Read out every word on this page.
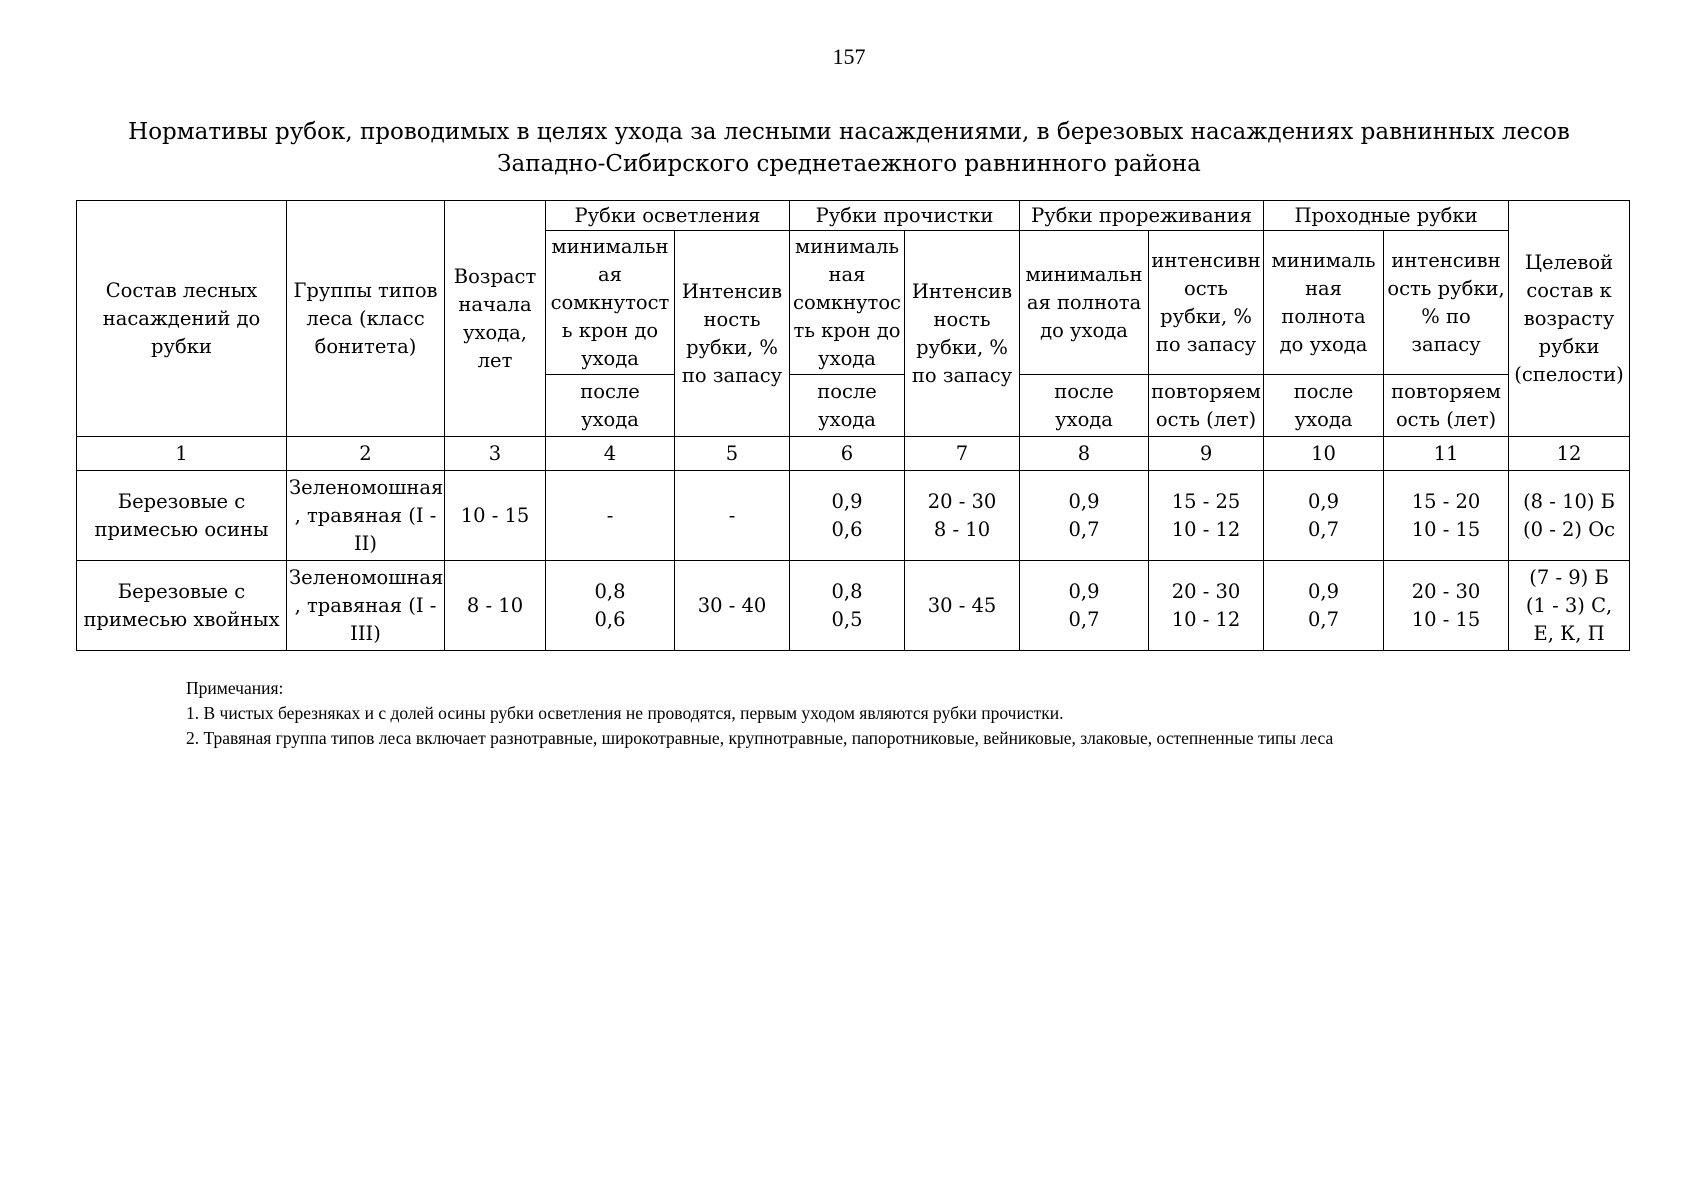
157
Нормативы рубок, проводимых в целях ухода за лесными насаждениями, в березовых насаждениях равнинных лесов
Западно-Сибирского среднетаежного равнинного района
Состав лесных
насаждений до
рубки	Группы типов
леса (класс
бонитета)	Возраст
начала
ухода,
лет	Рубки осветления		Рубки прочистки		Рубки прореживания		Проходные рубки		Целевой
состав к
возрасту
рубки
(спелости)

			минимальн
ая
сомкнутост
ь крон до
ухода	Интенсив
ность
рубки, %
по запасу	минималь
ная
сомкнутос
ть крон до
ухода	Интенсив
ность
рубки, %
по запасу	минимальн
ая полнота
до ухода	интенсивн
ость
рубки, %
по запасу	минималь
ная
полнота
до ухода	интенсивн
ость рубки,
% по
запасу	

			после
ухода		после
ухода		после
ухода	повторяем
ость (лет)	после
ухода	повторяем
ость (лет)	

1	2	3	4	5	6	7	8	9	10	11	12

Березовые с
примесью осины	Зеленомошная
, травяная (I -
II)	10 - 15	-	-	0,9
0,6	20 - 30
8 - 10	0,9
0,7	15 - 25
10 - 12	0,9
0,7	15 - 20
10 - 15	(8 - 10) Б
(0 - 2) Ос

Березовые с
примесью хвойных	Зеленомошная
, травяная (I -
III)	8 - 10	0,8
0,6	30 - 40	0,8
0,5	30 - 45	0,9
0,7	20 - 30
10 - 12	0,9
0,7	20 - 30
10 - 15	(7 - 9) Б
(1 - 3) С,
Е, К, П
Примечания:
1. В чистых березняках и с долей осины рубки осветления не проводятся, первым уходом являются рубки прочистки.
2. Травяная группа типов леса включает разнотравные, широкотравные, крупнотравные, папоротниковые, вейниковые, злаковые, остепненные типы леса
